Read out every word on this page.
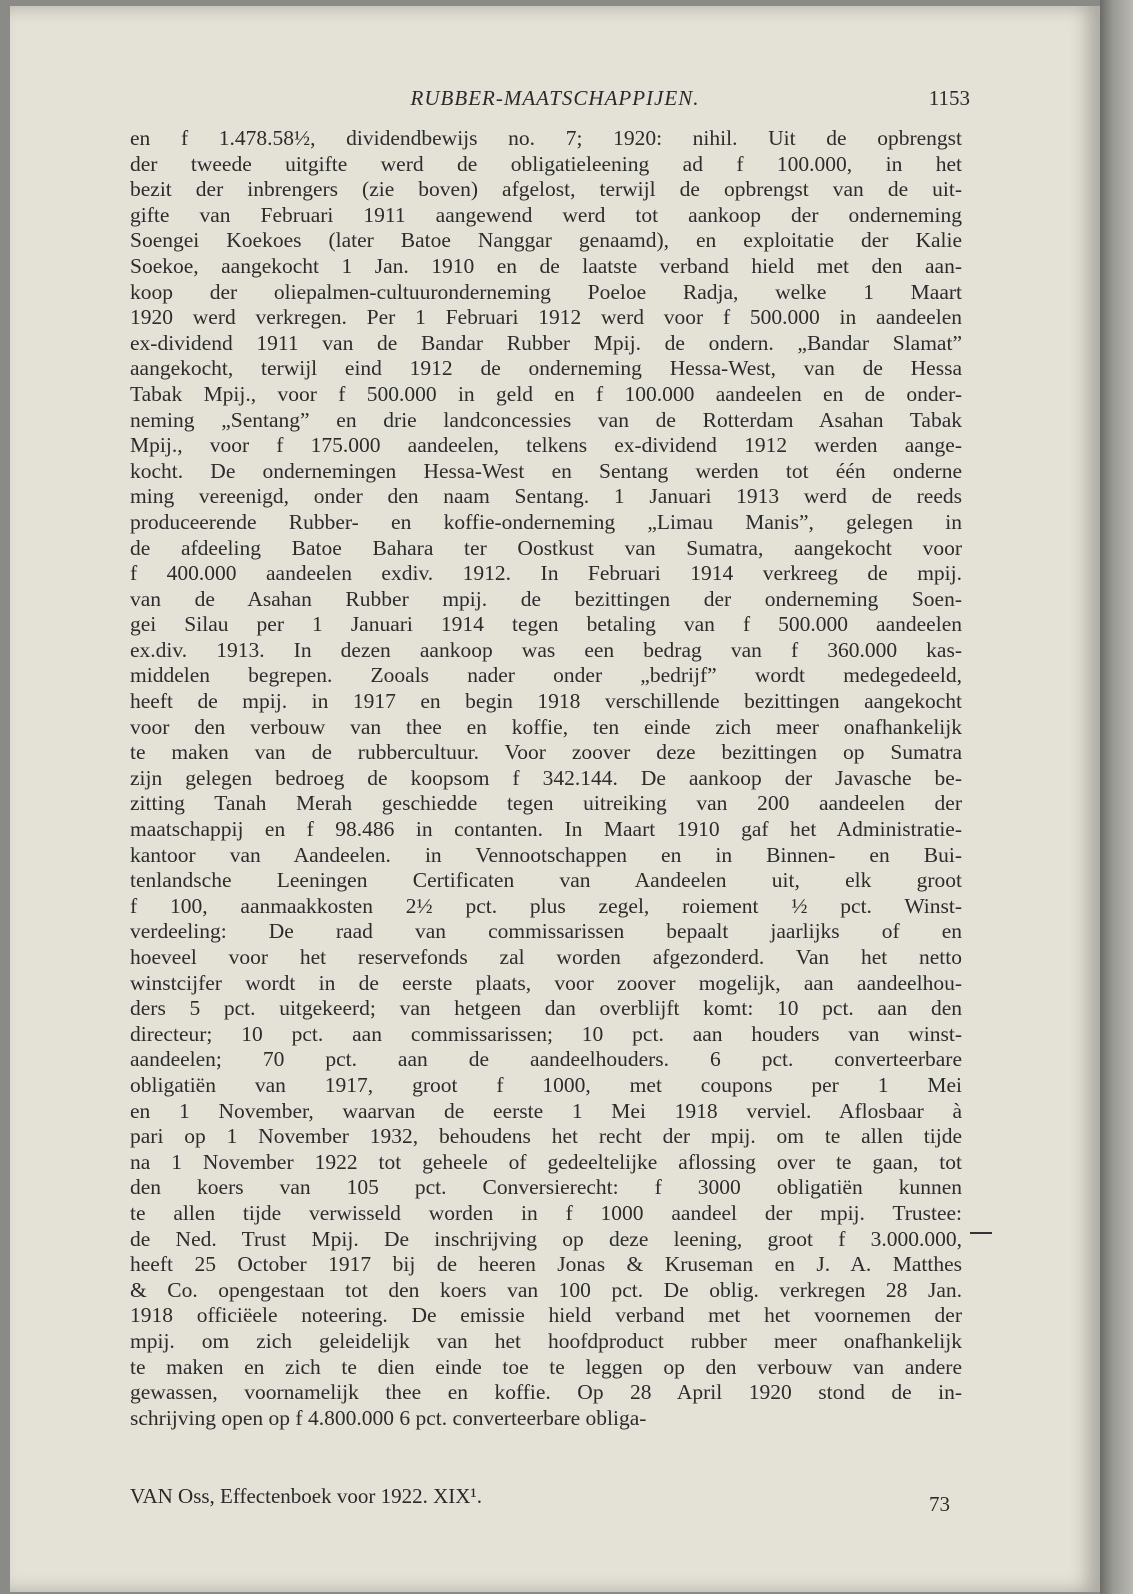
RUBBER-MAATSCHAPPIJEN.	1153
en f 1.478.58½, dividendbewijs no. 7; 1920: nihil. Uit de opbrengst
der tweede uitgifte werd de obligatieleening ad f 100.000, in het
bezit der inbrengers (zie boven) afgelost, terwijl de opbrengst van de uit-
gifte van Februari 1911 aangewend werd tot aankoop der onderneming
Soengei Koekoes (later Batoe Nanggar genaamd), en exploitatie der Kalie
Soekoe, aangekocht 1 Jan. 1910 en de laatste verband hield met den aan-
koop der oliepalmen-cultuuronderneming Poeloe Radja, welke 1 Maart
1920 werd verkregen. Per 1 Februari 1912 werd voor f 500.000 in aandeelen
ex-dividend 1911 van de Bandar Rubber Mpij. de ondern. „Bandar Slamat”
aangekocht, terwijl eind 1912 de onderneming Hessa-West, van de Hessa
Tabak Mpij., voor f 500.000 in geld en f 100.000 aandeelen en de onder-
neming „Sentang” en drie landconcessies van de Rotterdam Asahan Tabak
Mpij., voor f 175.000 aandeelen, telkens ex-dividend 1912 werden aange-
kocht. De ondernemingen Hessa-West en Sentang werden tot één onderne
ming vereenigd, onder den naam Sentang. 1 Januari 1913 werd de reeds
produceerende Rubber- en koffie-onderneming „Limau Manis”, gelegen in
de afdeeling Batoe Bahara ter Oostkust van Sumatra, aangekocht voor
f 400.000 aandeelen exdiv. 1912. In Februari 1914 verkreeg de mpij.
van de Asahan Rubber mpij. de bezittingen der onderneming Soen-
gei Silau per 1 Januari 1914 tegen betaling van f 500.000 aandeelen
ex.div. 1913. In dezen aankoop was een bedrag van f 360.000 kas-
middelen begrepen. Zooals nader onder „bedrijf” wordt medegedeeld,
heeft de mpij. in 1917 en begin 1918 verschillende bezittingen aangekocht
voor den verbouw van thee en koffie, ten einde zich meer onafhankelijk
te maken van de rubbercultuur. Voor zoover deze bezittingen op Sumatra
zijn gelegen bedroeg de koopsom f 342.144. De aankoop der Javasche be-
zitting Tanah Merah geschiedde tegen uitreiking van 200 aandeelen der
maatschappij en f 98.486 in contanten. In Maart 1910 gaf het Administratie-
kantoor van Aandeelen. in Vennootschappen en in Binnen- en Bui-
tenlandsche Leeningen Certificaten van Aandeelen uit, elk groot
f 100, aanmaakkosten 2½ pct. plus zegel, roiement ½ pct. Winst-
verdeeling: De raad van commissarissen bepaalt jaarlijks of en
hoeveel voor het reservefonds zal worden afgezonderd. Van het netto
winstcijfer wordt in de eerste plaats, voor zoover mogelijk, aan aandeelhou-
ders 5 pct. uitgekeerd; van hetgeen dan overblijft komt: 10 pct. aan den
directeur; 10 pct. aan commissarissen; 10 pct. aan houders van winst-
aandeelen; 70 pct. aan de aandeelhouders. 6 pct. converteerbare
obligatiën van 1917, groot f 1000, met coupons per 1 Mei
en 1 November, waarvan de eerste 1 Mei 1918 verviel. Aflosbaar à
pari op 1 November 1932, behoudens het recht der mpij. om te allen tijde
na 1 November 1922 tot geheele of gedeeltelijke aflossing over te gaan, tot
den koers van 105 pct. Conversierecht: f 3000 obligatiën kunnen
te allen tijde verwisseld worden in f 1000 aandeel der mpij. Trustee:
de Ned. Trust Mpij. De inschrijving op deze leening, groot f 3.000.000,
heeft 25 October 1917 bij de heeren Jonas & Kruseman en J. A. Matthes
& Co. opengestaan tot den koers van 100 pct. De oblig. verkregen 28 Jan.
1918 officiëele noteering. De emissie hield verband met het voornemen der
mpij. om zich geleidelijk van het hoofdproduct rubber meer onafhankelijk
te maken en zich te dien einde toe te leggen op den verbouw van andere
gewassen, voornamelijk thee en koffie. Op 28 April 1920 stond de in-
schrijving open op f 4.800.000 6 pct. converteerbare obliga-
VAN Oss, Effectenboek voor 1922. XIX¹.	73
